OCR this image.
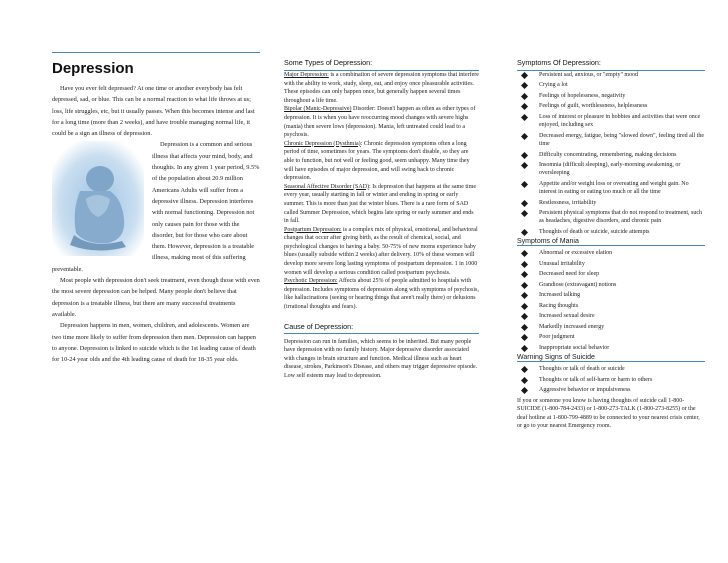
Depression

Have you ever felt depressed? At one time or another everybody has felt depressed, sad, or blue. This can be a normal reaction to what life throws at us; loss, life struggles, etc, but it usually passes. When this becomes intense and last for a long time (more than 2 weeks), and have trouble managing normal life, it could be a sign an illness of depression.

Depression is a common and serious illness that affects your mind, body, and thoughts. In any given 1 year period, 9.5% of the population about 20.9 million Americans Adults will suffer from a depressive illness. Depression interferes with normal functioning. Depression not only causes pain for those with the disorder, but for those who care about them. However, depression is a treatable illness, making most of this suffering preventable.

Most people with depression don't seek treatment, even though those with even the most severe depression can be helped. Many people don't believe that depression is a treatable illness, but there are many successful treatments available.

Depression happens in men, women, children, and adolescents. Women are two time more likely to suffer from depression then men. Depression can happen to anyone. Depression is linked to suicide which is the 1st leading cause of death for 10-24 year olds and the 4th leading cause of death for 18-35 year olds.

Some Types of Depression:

Major Depression: is a combination of severe depression symptoms that interfere with the ability to work, study, sleep, eat, and enjoy once pleasurable activities. These episodes can only happen once, but generally happen several times throughout a life time.

Bipolar (Manic-Depressive) Disorder: Doesn't happen as often as other types of depression. It is when you have reoccurring mood changes with severe highs (mania) then severe lows (depression). Mania, left untreated could lead to a psychosis.

Chronic Depression (Dysthmia): Chronic depression symptoms often a long period of time, sometimes for years. The symptoms don't disable, so they are able to function, but not well or feeling good, seem unhappy. Many time they will have episodes of major depression, and will swing back to chronic depression.

Seasonal Affective Disorder (SAD): Is depression that happens at the same time every year, usually starting in fall or winter and ending in spring or early summer. This is more than just the winter blues. There is a rare form of SAD called Summer Depression, which begins late spring or early summer and ends in fall.

Postpartum Depression: is a complex mix of physical, emotional, and behavioral changes that occur after giving birth, as the result of chemical, social, and psychological changes to having a baby. 50-75% of new moms experience baby blues (usually subside within 2 weeks) after delivery. 10% of these women will develop more severe long lasting symptoms of postpartum depression. 1 in 1000 women will develop a serious condition called postpartum psychosis.

Psychotic Depression: Affects about 25% of people admitted to hospitals with depression. Includes symptoms of depression along with symptoms of psychosis, like hallucinations (seeing or hearing things that aren't really there) or delusions (irrational thoughts and fears).

Cause of Depression:

Depression can run in families, which seems to be inherited. But many people have depression with no family history. Major depressive disorder associated with changes in brain structure and function. Medical illness such as heart disease, strokes, Parkinson's Disease, and others may trigger depressive episode. Low self esteem may lead to depression.

Symptoms Of Depression:
Persistent sad, anxious, or "empty" mood
Crying a lot
Feelings of hopelessness, negativity
Feelings of guilt, worthlessness, helplessness
Loss of interest or pleasure in hobbies and activities that were once enjoyed, including sex
Decreased energy, fatigue, being "slowed down", feeling tired all the time
Difficulty concentrating, remembering, making decisions
Insomnia (difficult sleeping), early-morning awakening, or oversleeping
Appetite and/or weight loss or overeating and weight gain. No interest in eating or eating too much or all the time
Restlessness, irritability
Persistent physical symptoms that do not respond to treatment, such as headaches, digestive disorders, and chronic pain
Thoughts of death or suicide, suicide attempts
Symptoms of Mania
Abnormal or excessive elation
Unusual irritability
Decreased need for sleep
Grandiose (extravagant) notions
Increased talking
Racing thoughts
Increased sexual desire
Markedly increased energy
Poor judgment
Inappropriate social behavior
Warning Signs of Suicide
Thoughts or talk of death or suicide
Thoughts or talk of self-harm or harm to others
Aggressive behavior or impulsiveness

If you or someone you know is having thoughts of suicide call 1-800-SUICIDE (1-800-784-2433) or 1-800-273-TALK (1-800-273-8255) or the deaf hotline at 1-800-799-4889 to be connected to your nearest crisis center, or go to your nearest Emergency room.
